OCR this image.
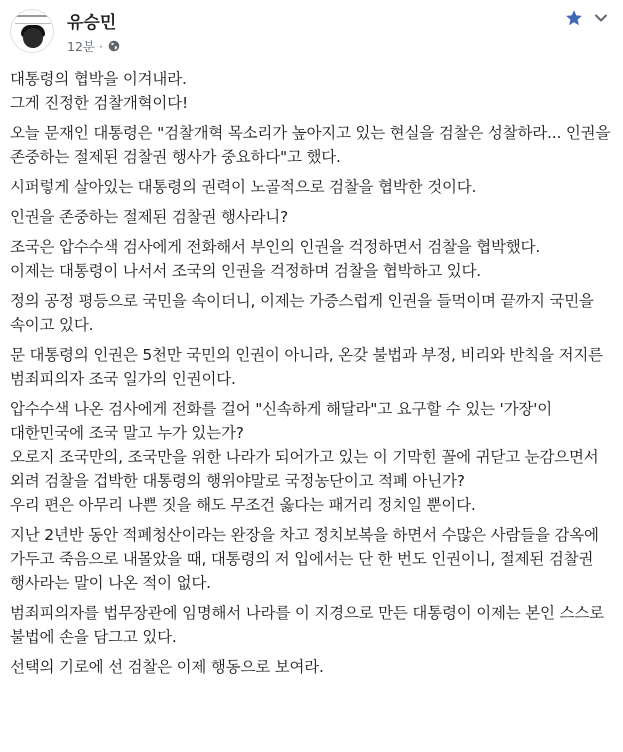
유승민
12분 ·
대통령의 협박을 이겨내라.
그게 진정한 검찰개혁이다!
오늘 문재인 대통령은 "검찰개혁 목소리가 높아지고 있는 현실을 검찰은 성찰하라... 인권을 존중하는 절제된 검찰권 행사가 중요하다"고 했다.
시퍼렇게 살아있는 대통령의 권력이 노골적으로 검찰을 협박한 것이다.
인권을 존중하는 절제된 검찰권 행사라니?
조국은 압수수색 검사에게 전화해서 부인의 인권을 걱정하면서 검찰을 협박했다.
이제는 대통령이 나서서 조국의 인권을 걱정하며 검찰을 협박하고 있다.
정의 공정 평등으로 국민을 속이더니, 이제는 가증스럽게 인권을 들먹이며 끝까지 국민을 속이고 있다.
문 대통령의 인권은 5천만 국민의 인권이 아니라, 온갖 불법과 부정, 비리와 반칙을 저지른 범죄피의자 조국 일가의 인권이다.
압수수색 나온 검사에게 전화를 걸어 "신속하게 해달라"고 요구할 수 있는 '가장'이 대한민국에 조국 말고 누가 있는가?
오로지 조국만의, 조국만을 위한 나라가 되어가고 있는 이 기막힌 꼴에 귀닫고 눈감으면서 외려 검찰을 겁박한 대통령의 행위야말로 국정농단이고 적폐 아닌가?
우리 편은 아무리 나쁜 짓을 해도 무조건 옳다는 패거리 정치일 뿐이다.
지난 2년반 동안 적폐청산이라는 완장을 차고 정치보복을 하면서 수많은 사람들을 감옥에 가두고 죽음으로 내몰았을 때, 대통령의 저 입에서는 단 한 번도 인권이니, 절제된 검찰권 행사라는 말이 나온 적이 없다.
범죄피의자를 법무장관에 임명해서 나라를 이 지경으로 만든 대통령이 이제는 본인 스스로 불법에 손을 담그고 있다.
선택의 기로에 선 검찰은 이제 행동으로 보여라.
